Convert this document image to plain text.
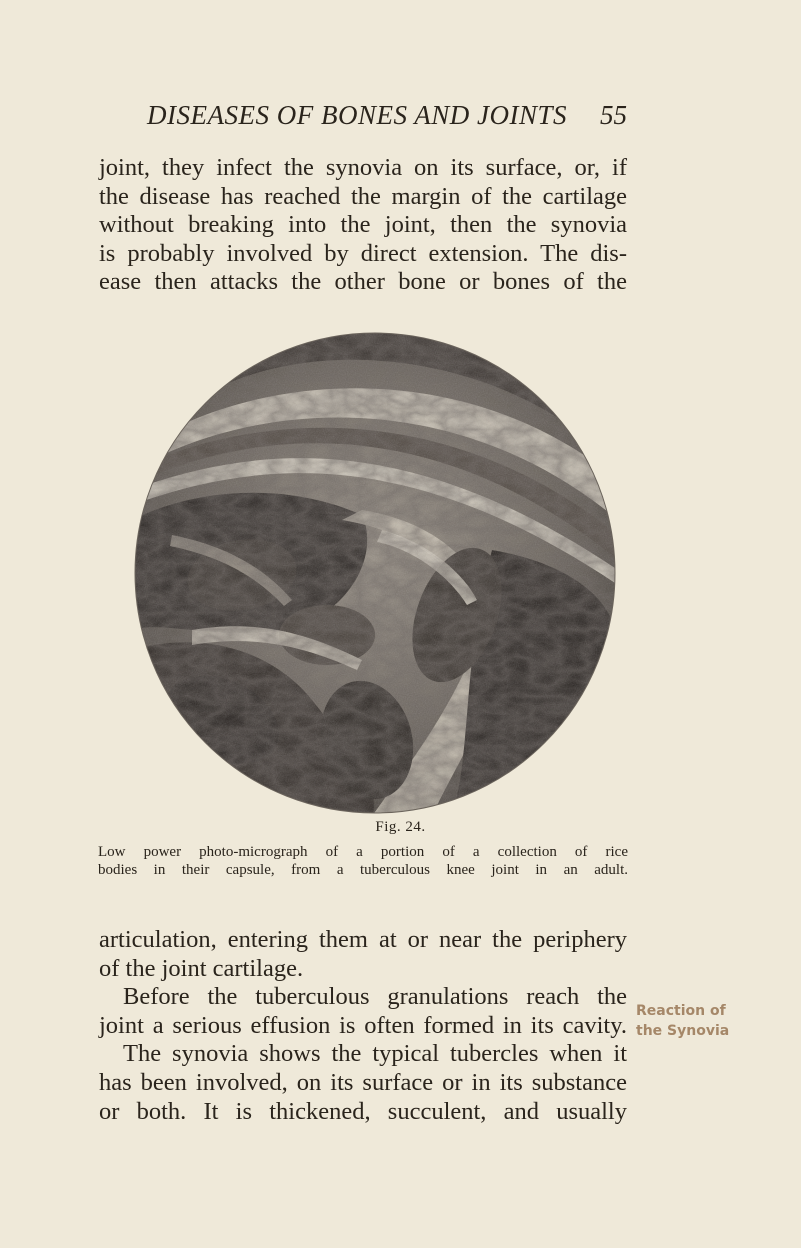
DISEASES OF BONES AND JOINTS 55
joint, they infect the synovia on its surface, or, if
the disease has reached the margin of the cartilage
without breaking into the joint, then the synovia
is probably involved by direct extension. The dis-
ease then attacks the other bone or bones of the
Fig. 24.
Low power photo-micrograph of a portion of a collection of rice
bodies in their capsule, from a tuberculous knee joint in an adult.
articulation, entering them at or near the periphery
of the joint cartilage.
Before the tuberculous granulations reach the
joint a serious effusion is often formed in its cavity.
The synovia shows the typical tubercles when it
has been involved, on its surface or in its substance
or both. It is thickened, succulent, and usually
Reaction of
the Synovia
